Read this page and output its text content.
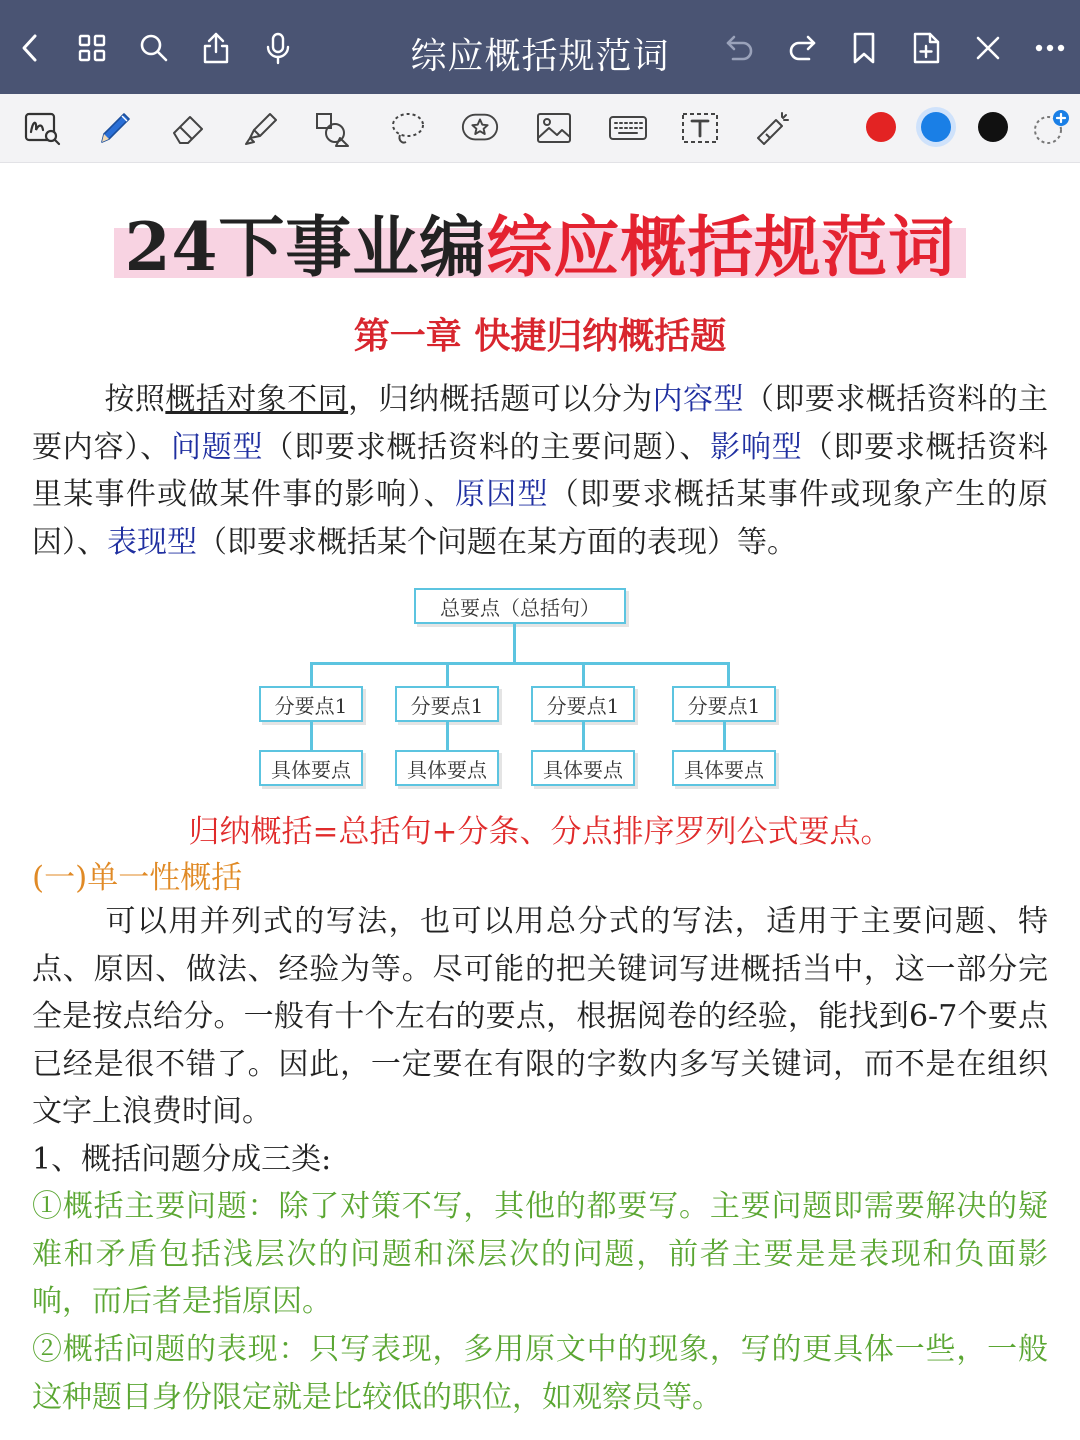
综应概括规范词
24下事业编综应概括规范词
第一章 快捷归纳概括题
按照概括对象不同，归纳概括题可以分为内容型（即要求概括资料的主要内容）、问题型（即要求概括资料的主要问题）、影响型（即要求概括资料里某事件或做某件事的影响）、原因型（即要求概括某事件或现象产生的原因）、表现型（即要求概括某个问题在某方面的表现）等。
总要点（总括句）
分要点1	分要点1	分要点1	分要点1
具体要点	具体要点	具体要点	具体要点
归纳概括=总括句+分条、分点排序罗列公式要点。
(一)单一性概括
可以用并列式的写法，也可以用总分式的写法，适用于主要问题、特点、原因、做法、经验为等。尽可能的把关键词写进概括当中，这一部分完全是按点给分。一般有十个左右的要点，根据阅卷的经验，能找到6-7个要点已经是很不错了。因此，一定要在有限的字数内多写关键词，而不是在组织文字上浪费时间。
1、概括问题分成三类:
①概括主要问题：除了对策不写，其他的都要写。主要问题即需要解决的疑难和矛盾包括浅层次的问题和深层次的问题，前者主要是是表现和负面影响，而后者是指原因。
②概括问题的表现：只写表现，多用原文中的现象，写的更具体一些，一般这种题目身份限定就是比较低的职位，如观察员等。
